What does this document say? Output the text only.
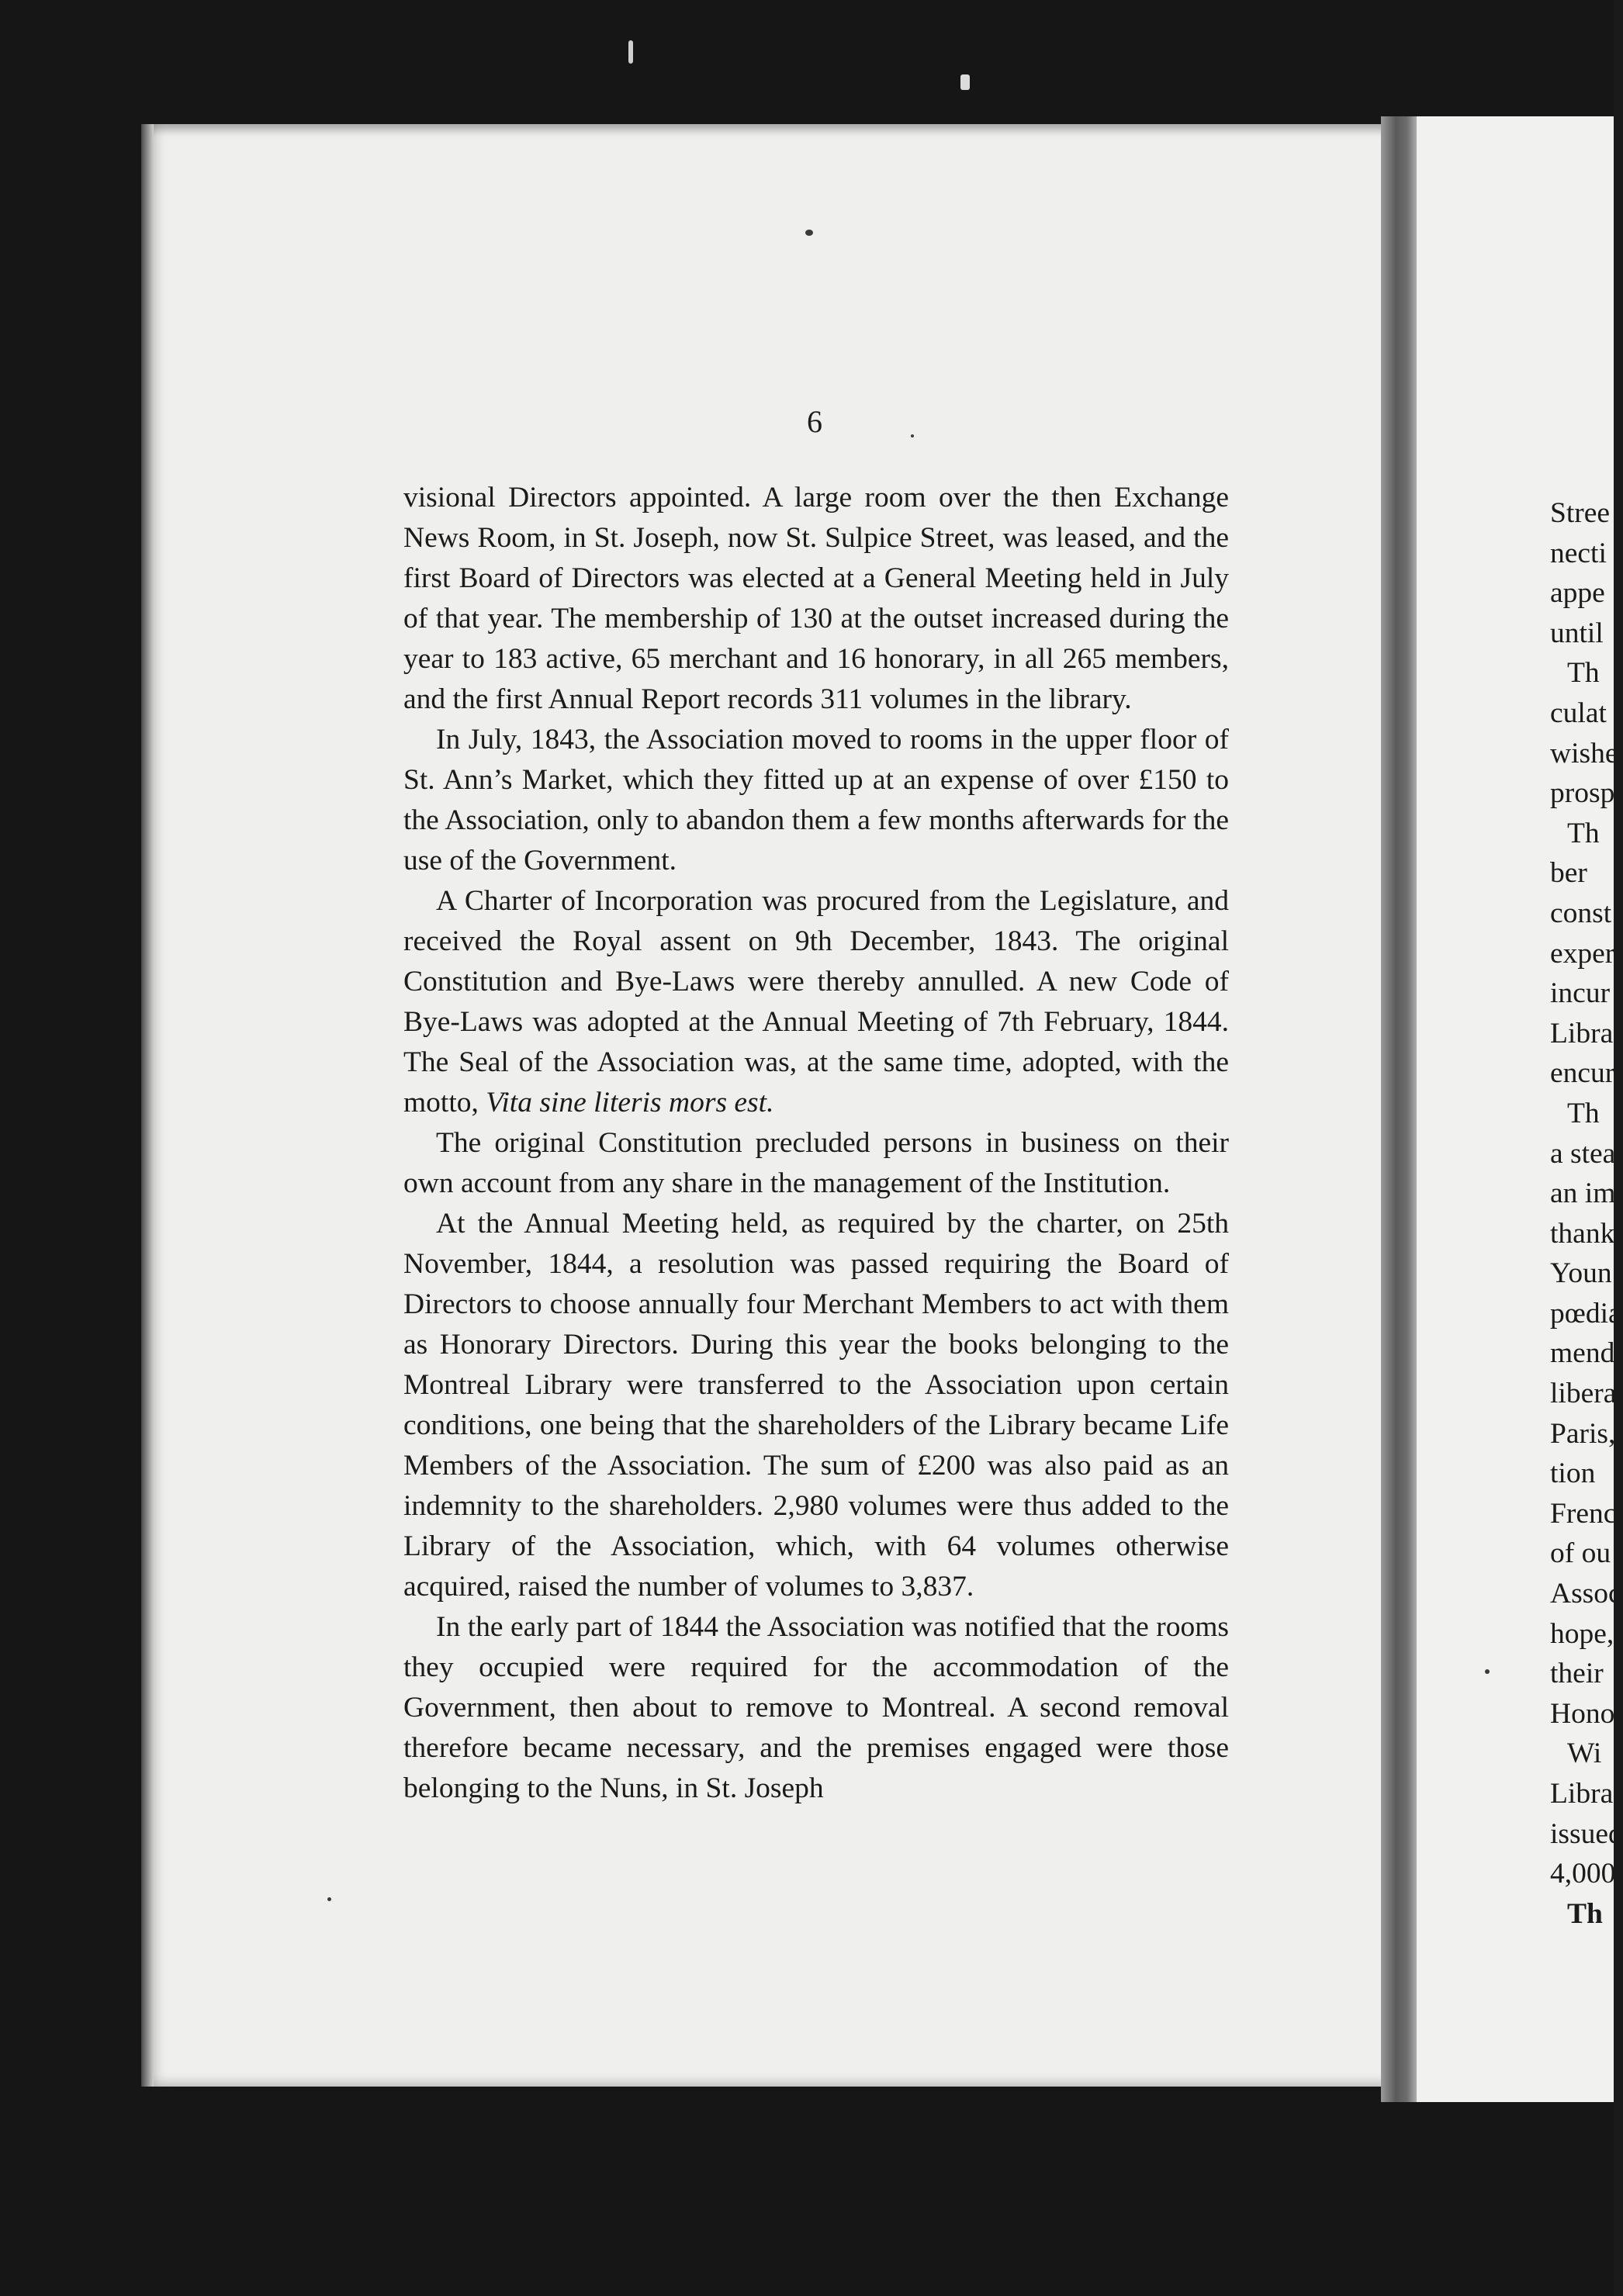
6

visional Directors appointed. A large room over the then Exchange News Room, in St. Joseph, now St. Sulpice Street, was leased, and the first Board of Directors was elected at a General Meeting held in July of that year. The membership of 130 at the outset increased during the year to 183 active, 65 merchant and 16 honorary, in all 265 members, and the first Annual Report records 311 volumes in the library.

In July, 1843, the Association moved to rooms in the upper floor of St. Ann’s Market, which they fitted up at an expense of over £150 to the Association, only to abandon them a few months afterwards for the use of the Government.

A Charter of Incorporation was procured from the Legislature, and received the Royal assent on 9th December, 1843. The original Constitution and Bye-Laws were thereby annulled. A new Code of Bye-Laws was adopted at the Annual Meeting of 7th February, 1844. The Seal of the Association was, at the same time, adopted, with the motto, Vita sine literis mors est.

The original Constitution precluded persons in business on their own account from any share in the management of the Institution.

At the Annual Meeting held, as required by the charter, on 25th November, 1844, a resolution was passed requiring the Board of Directors to choose annually four Merchant Members to act with them as Honorary Directors. During this year the books belonging to the Montreal Library were transferred to the Association upon certain conditions, one being that the shareholders of the Library became Life Members of the Association. The sum of £200 was also paid as an indemnity to the shareholders. 2,980 volumes were thus added to the Library of the Association, which, with 64 volumes otherwise acquired, raised the number of volumes to 3,837.

In the early part of 1844 the Association was notified that the rooms they occupied were required for the accommodation of the Government, then about to remove to Montreal. A second removal therefore became necessary, and the premises engaged were those belonging to the Nuns, in St. Joseph

Stree
necti
appe
until
Th
culat
wishe
prosp
Th
ber
const
exper
incur
Libra
encur
Th
a stea
an im
thank
Youn
pœdia
mend
libera
Paris,
tion
Frenc
of ou
Assoc
hope,
their
Hono
Wi
Libra
issued
4,000,
Th
